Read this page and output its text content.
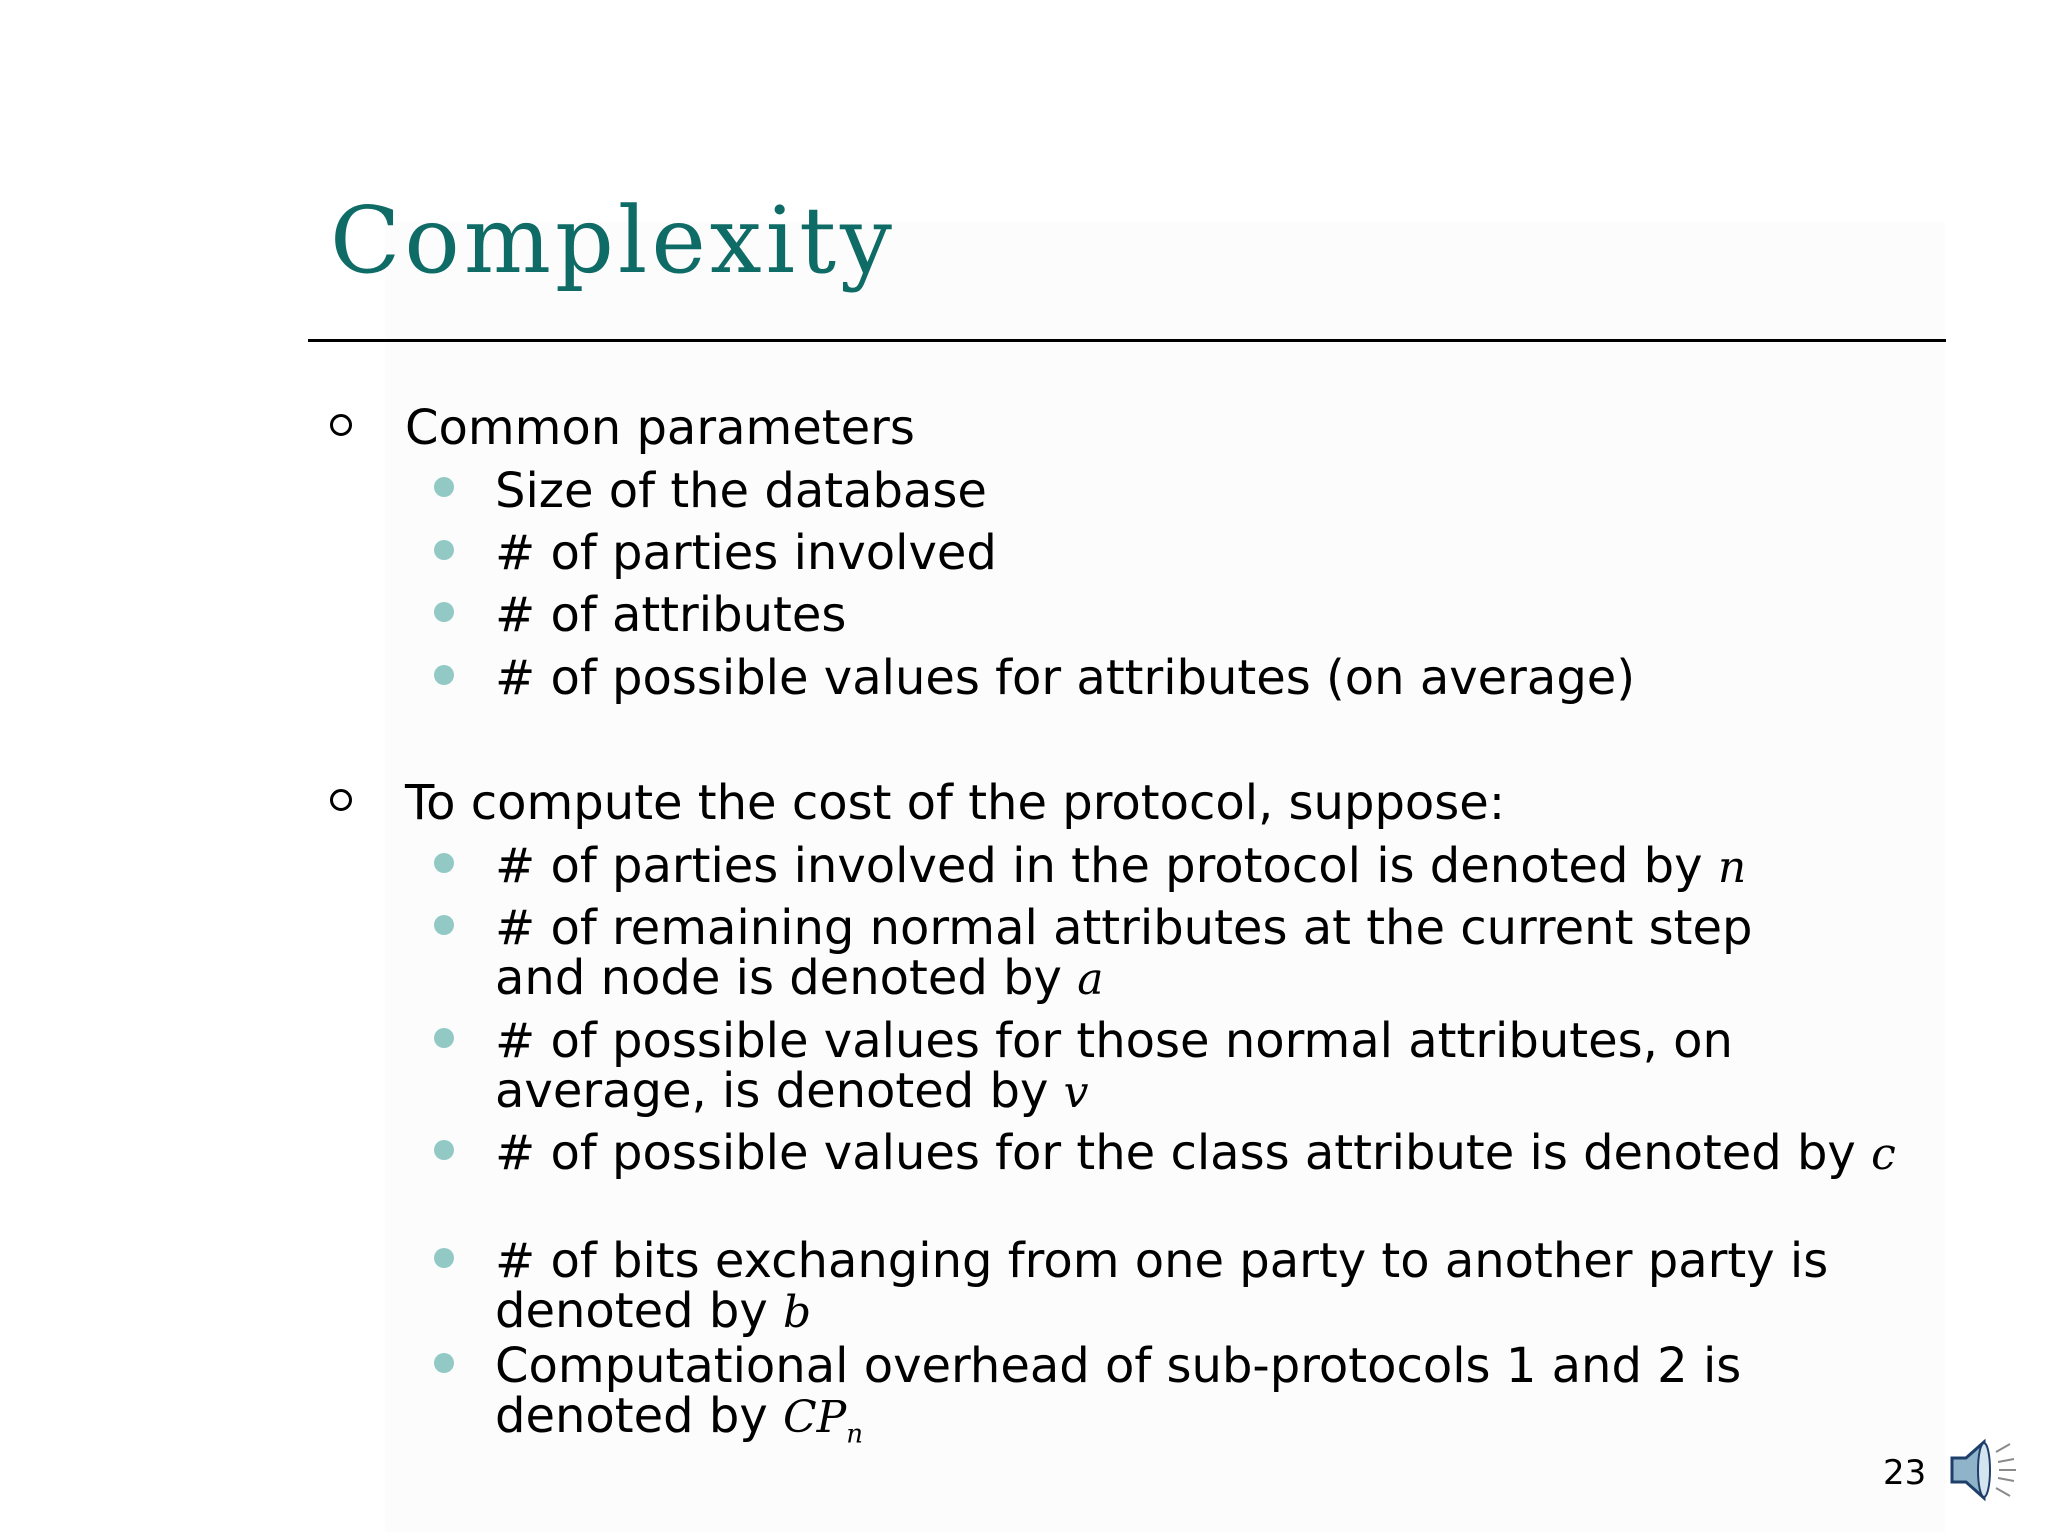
Complexity
Common parameters
Size of the database
# of parties involved
# of attributes
# of possible values for attributes (on average)
To compute the cost of the protocol, suppose:
# of parties involved in the protocol is denoted by n
# of remaining normal attributes at the current step and node is denoted by a
# of possible values for those normal attributes, on average, is denoted by v
# of possible values for the class attribute is denoted by c
# of bits exchanging from one party to another party is denoted by b
Computational overhead of sub-protocols 1 and 2 is denoted by $CP_n$
23
